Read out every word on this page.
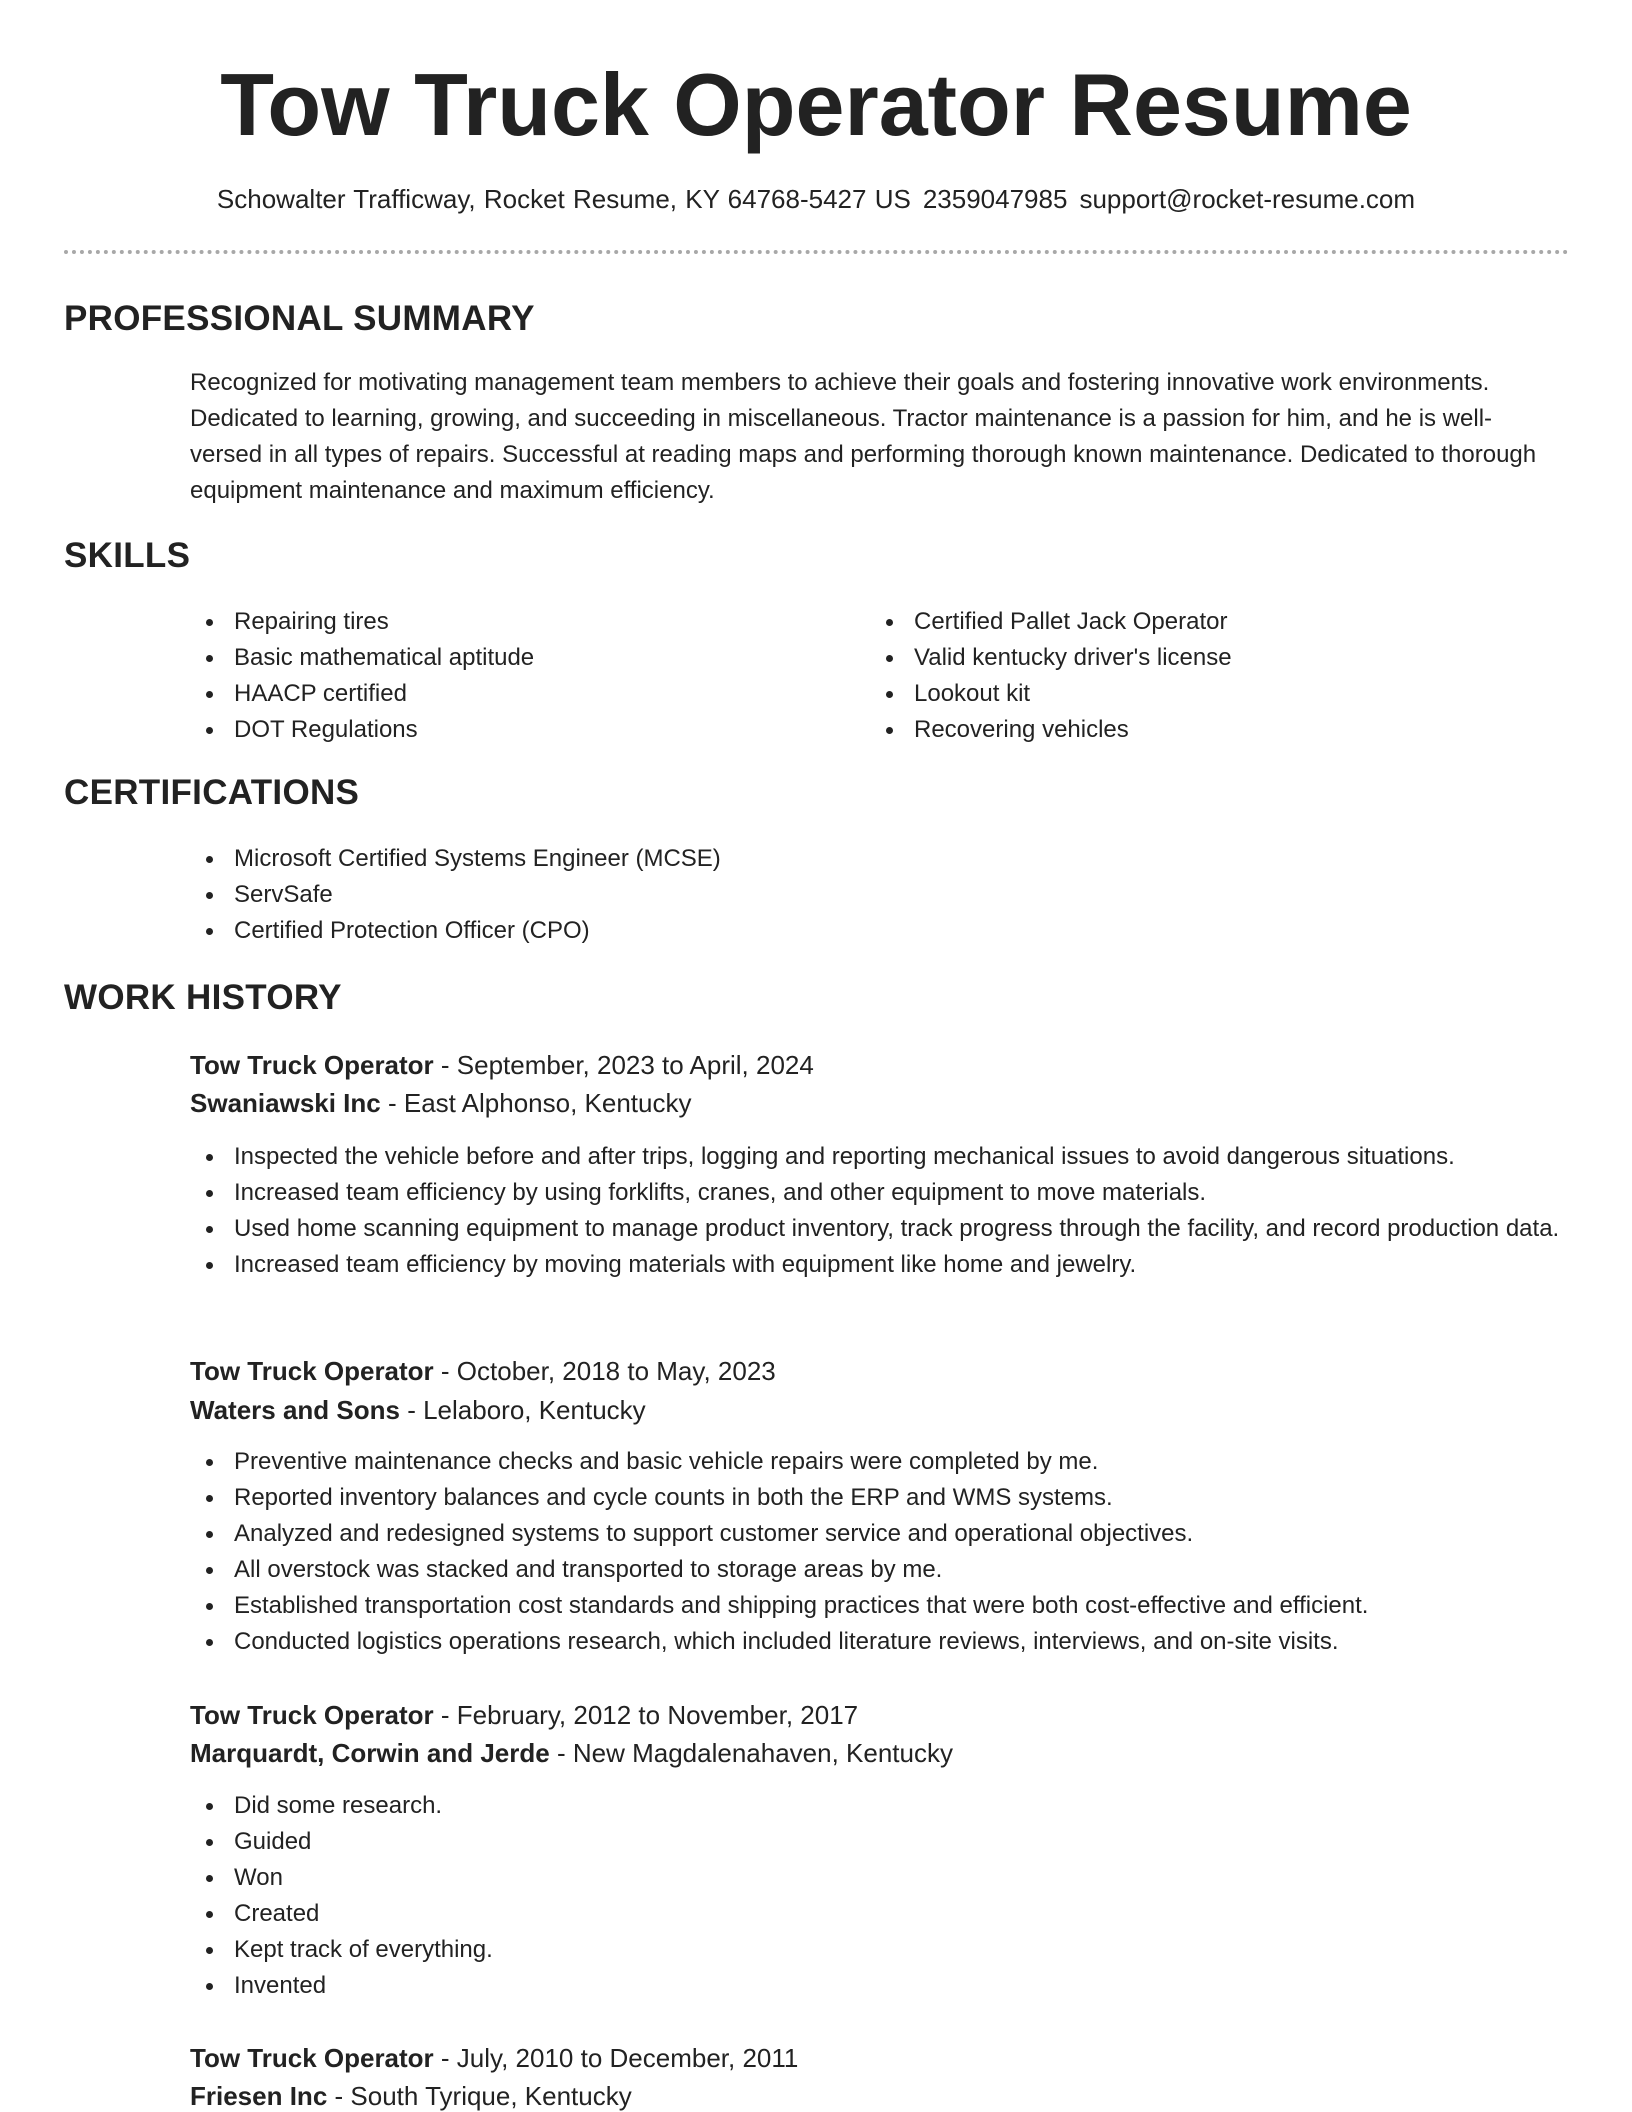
Tow Truck Operator Resume
Schowalter Trafficway, Rocket Resume, KY 64768-5427 US 2359047985 support@rocket-resume.com
PROFESSIONAL SUMMARY

Recognized for motivating management team members to achieve their goals and fostering innovative work environments. Dedicated to learning, growing, and succeeding in miscellaneous. Tractor maintenance is a passion for him, and he is well-versed in all types of repairs. Successful at reading maps and performing thorough known maintenance. Dedicated to thorough equipment maintenance and maximum efficiency.

SKILLS
Repairing tires
Basic mathematical aptitude
HAACP certified
DOT Regulations
Certified Pallet Jack Operator
Valid kentucky driver's license
Lookout kit
Recovering vehicles
CERTIFICATIONS
Microsoft Certified Systems Engineer (MCSE)
ServSafe
Certified Protection Officer (CPO)
WORK HISTORY
Tow Truck Operator - September, 2023 to April, 2024
Swaniawski Inc - East Alphonso, Kentucky
Inspected the vehicle before and after trips, logging and reporting mechanical issues to avoid dangerous situations.
Increased team efficiency by using forklifts, cranes, and other equipment to move materials.
Used home scanning equipment to manage product inventory, track progress through the facility, and record production data.
Increased team efficiency by moving materials with equipment like home and jewelry.
Tow Truck Operator - October, 2018 to May, 2023
Waters and Sons - Lelaboro, Kentucky
Preventive maintenance checks and basic vehicle repairs were completed by me.
Reported inventory balances and cycle counts in both the ERP and WMS systems.
Analyzed and redesigned systems to support customer service and operational objectives.
All overstock was stacked and transported to storage areas by me.
Established transportation cost standards and shipping practices that were both cost-effective and efficient.
Conducted logistics operations research, which included literature reviews, interviews, and on-site visits.
Tow Truck Operator - February, 2012 to November, 2017
Marquardt, Corwin and Jerde - New Magdalenahaven, Kentucky
Did some research.
Guided
Won
Created
Kept track of everything.
Invented
Tow Truck Operator - July, 2010 to December, 2011
Friesen Inc - South Tyrique, Kentucky
